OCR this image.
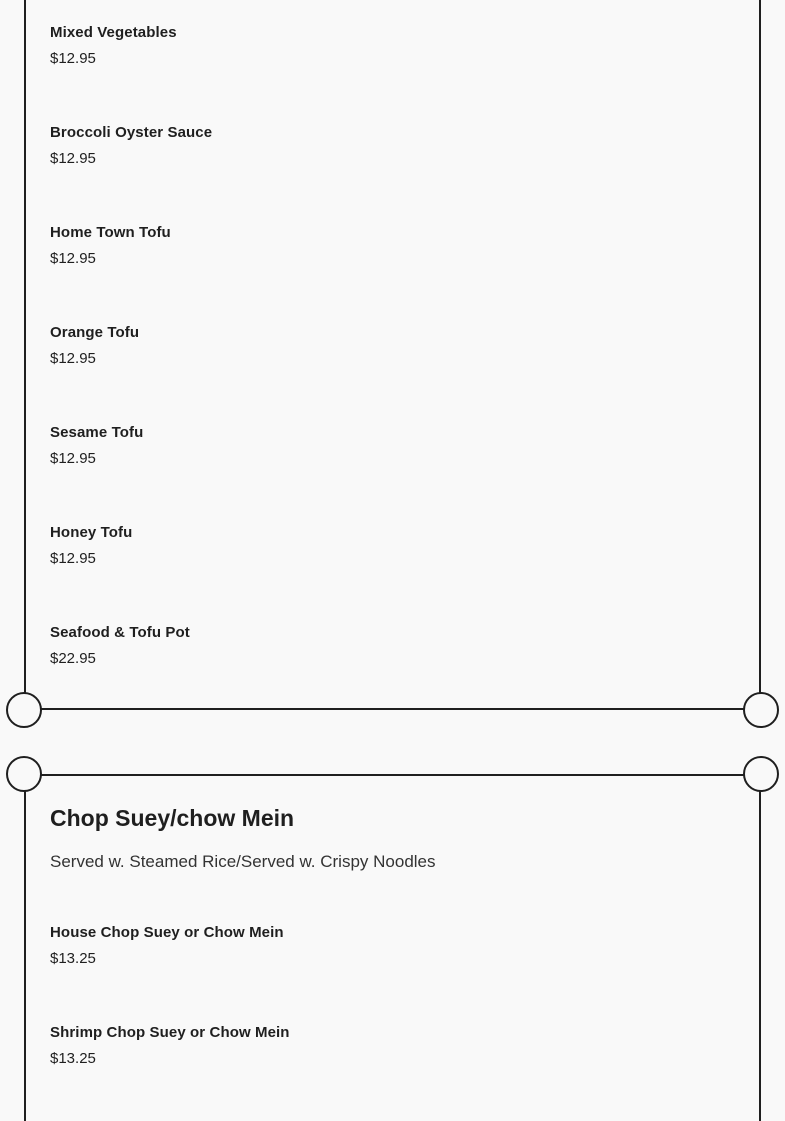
Mixed Vegetables
$12.95
Broccoli Oyster Sauce
$12.95
Home Town Tofu
$12.95
Orange Tofu
$12.95
Sesame Tofu
$12.95
Honey Tofu
$12.95
Seafood & Tofu Pot
$22.95
Chop Suey/chow Mein
Served w. Steamed Rice/Served w. Crispy Noodles
House Chop Suey or Chow Mein
$13.25
Shrimp Chop Suey or Chow Mein
$13.25
